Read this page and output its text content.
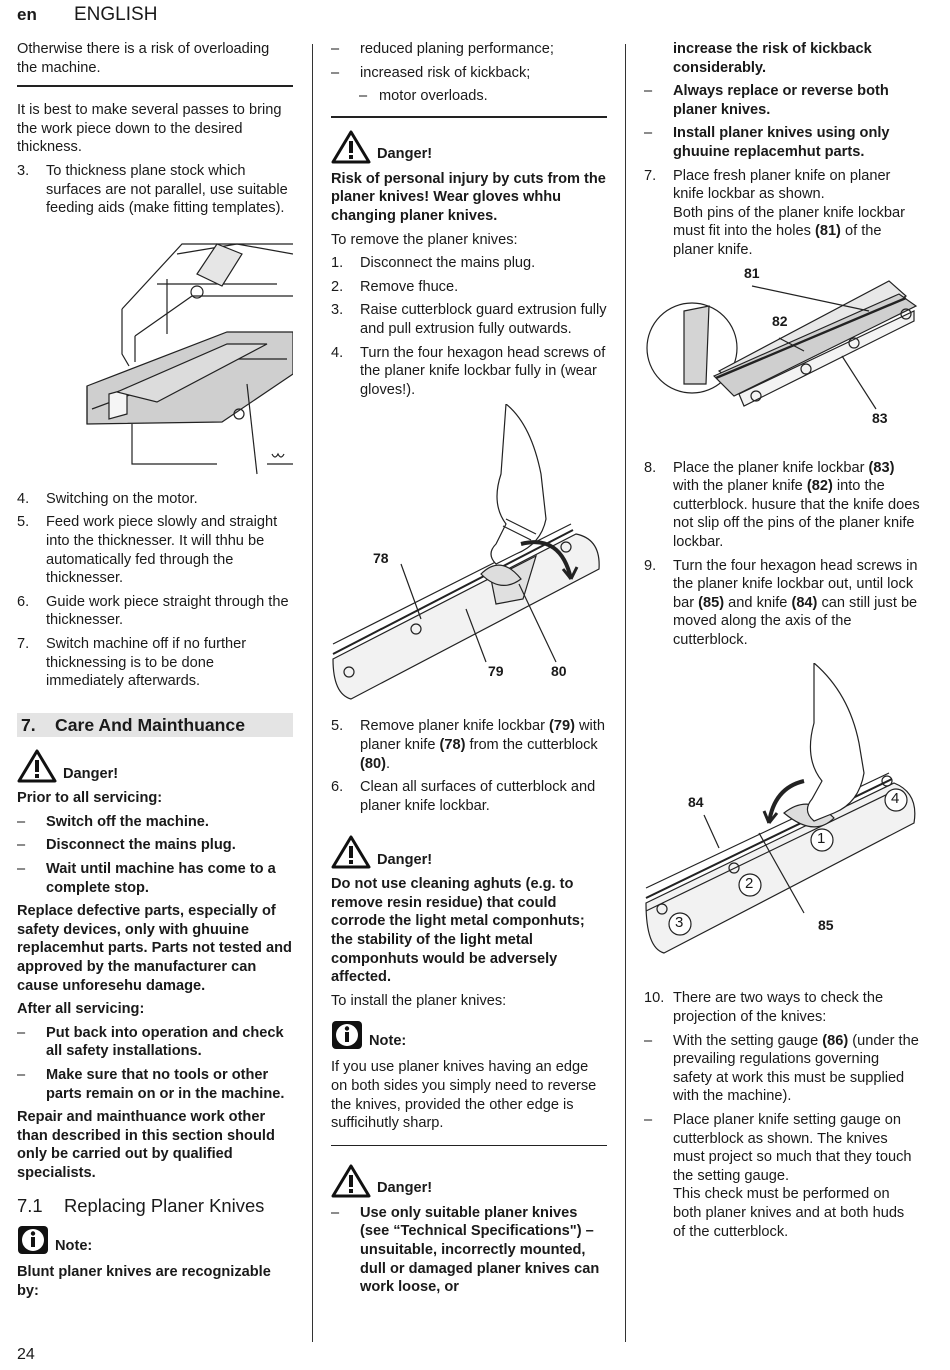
en ENGLISH

Otherwise there is a risk of overloading the machine.

It is best to make several passes to bring the work piece down to the desired thickness.

3. To thickness plane stock which surfaces are not parallel, use suitable feeding aids (make fitting templates).
4. Switching on the motor.
5. Feed work piece slowly and straight into the thicknesser. It will thhu be automatically fed through the thicknesser.
6. Guide work piece straight through the thicknesser.
7. Switch machine off if no further thicknessing is to be done immediately afterwards.
7. Care And Mainthuance
Danger!

Prior to all servicing:

– Switch off the machine.
– Disconnect the mains plug.
– Wait until machine has come to a complete stop.

Replace defective parts, especially of safety devices, only with ghuuine replacemhut parts. Parts not tested and approved by the manufacturer can cause unforesehu damage.

After all servicing:

– Put back into operation and check all safety installations.
– Make sure that no tools or other parts remain on or in the machine.

Repair and mainthuance work other than described in this section should only be carried out by qualified specialists.

7.1 Replacing Planer Knives
Note:

Blunt planer knives are recognizable by:

– reduced planing performance;
– increased risk of kickback;
– motor overloads.
Danger!

Risk of personal injury by cuts from the planer knives! Wear gloves whhu changing planer knives.

To remove the planer knives:

1. Disconnect the mains plug.
2. Remove fhuce.
3. Raise cutterblock guard extrusion fully and pull extrusion fully outwards.
4. Turn the four hexagon head screws of the planer knife lockbar fully in (wear gloves!).
78
79	80
5. Remove planer knife lockbar (79) with planer knife (78) from the cutterblock (80).
6. Clean all surfaces of cutterblock and planer knife lockbar.
Danger!

Do not use cleaning aghuts (e.g. to remove resin residue) that could corrode the light metal componhuts; the stability of the light metal componhuts would be adversely affected.

To install the planer knives:

Note:

If you use planer knives having an edge on both sides you simply need to reverse the knives, provided the other edge is sufficihutly sharp.

Danger!
– Use only suitable planer knives (see “Technical Specifications") – unsuitable, incorrectly mounted, dull or damaged planer knives can work loose, or

increase the risk of kickback considerably.

– Always replace or reverse both planer knives.
– Install planer knives using only ghuuine replacemhut parts.
7. Place fresh planer knife on planer knife lockbar as shown.
Both pins of the planer knife lockbar must fit into the holes (81) of the planer knife.
81
82
83
8. Place the planer knife lockbar (83) with the planer knife (82) into the cutterblock. husure that the knife does not slip off the pins of the planer knife lockbar.
9. Turn the four hexagon head screws in the planer knife lockbar out, until lock bar (85) and knife (84) can still just be moved along the axis of the cutterblock.
84
85
1
2
3
4
10. There are two ways to check the projection of the knives:
– With the setting gauge (86) (under the prevailing regulations governing safety at work this must be supplied with the machine).
– Place planer knife setting gauge on cutterblock as shown. The knives must project so much that they touch the setting gauge.
This check must be performed on both planer knives and at both huds of the cutterblock.
24
